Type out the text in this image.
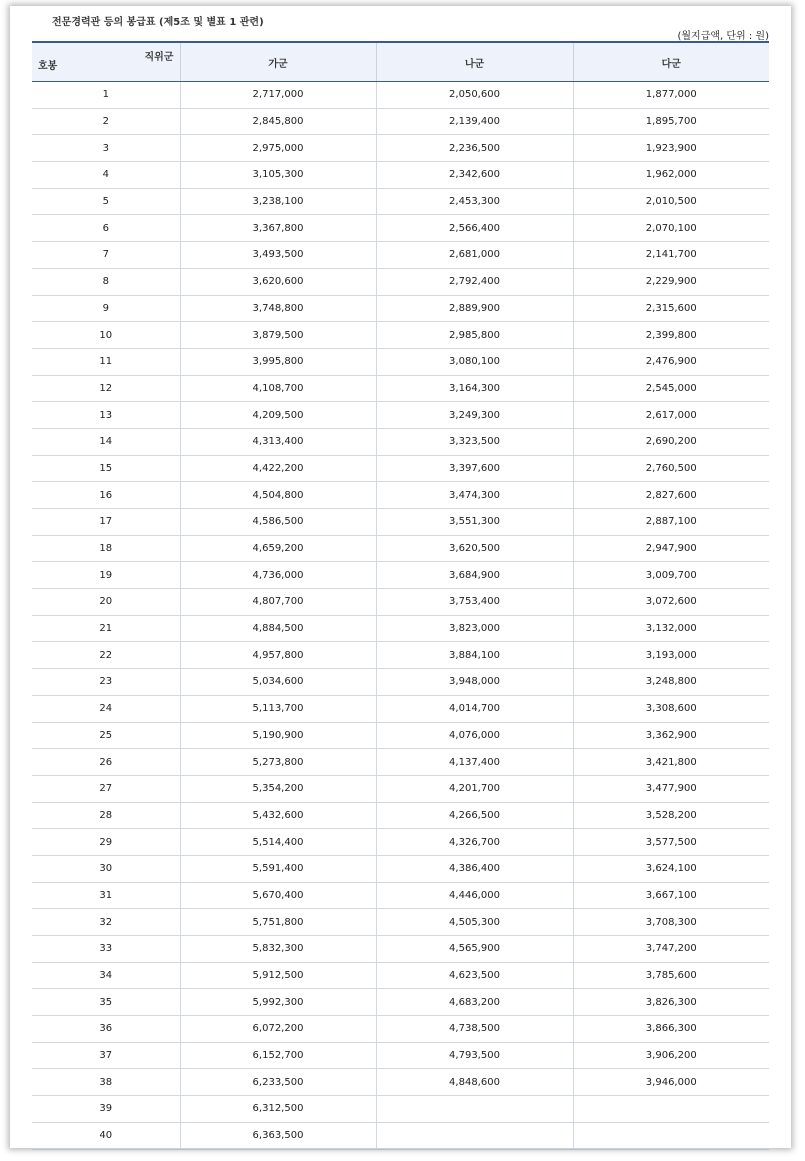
전문경력관 등의 봉급표 (제5조 및 별표 1 관련)
(월지급액, 단위 : 원)
직위군
호봉	가군	나군	다군
1	2,717,000	2,050,600	1,877,000
2	2,845,800	2,139,400	1,895,700
3	2,975,000	2,236,500	1,923,900
4	3,105,300	2,342,600	1,962,000
5	3,238,100	2,453,300	2,010,500
6	3,367,800	2,566,400	2,070,100
7	3,493,500	2,681,000	2,141,700
8	3,620,600	2,792,400	2,229,900
9	3,748,800	2,889,900	2,315,600
10	3,879,500	2,985,800	2,399,800
11	3,995,800	3,080,100	2,476,900
12	4,108,700	3,164,300	2,545,000
13	4,209,500	3,249,300	2,617,000
14	4,313,400	3,323,500	2,690,200
15	4,422,200	3,397,600	2,760,500
16	4,504,800	3,474,300	2,827,600
17	4,586,500	3,551,300	2,887,100
18	4,659,200	3,620,500	2,947,900
19	4,736,000	3,684,900	3,009,700
20	4,807,700	3,753,400	3,072,600
21	4,884,500	3,823,000	3,132,000
22	4,957,800	3,884,100	3,193,000
23	5,034,600	3,948,000	3,248,800
24	5,113,700	4,014,700	3,308,600
25	5,190,900	4,076,000	3,362,900
26	5,273,800	4,137,400	3,421,800
27	5,354,200	4,201,700	3,477,900
28	5,432,600	4,266,500	3,528,200
29	5,514,400	4,326,700	3,577,500
30	5,591,400	4,386,400	3,624,100
31	5,670,400	4,446,000	3,667,100
32	5,751,800	4,505,300	3,708,300
33	5,832,300	4,565,900	3,747,200
34	5,912,500	4,623,500	3,785,600
35	5,992,300	4,683,200	3,826,300
36	6,072,200	4,738,500	3,866,300
37	6,152,700	4,793,500	3,906,200
38	6,233,500	4,848,600	3,946,000
39	6,312,500		
40	6,363,500		
